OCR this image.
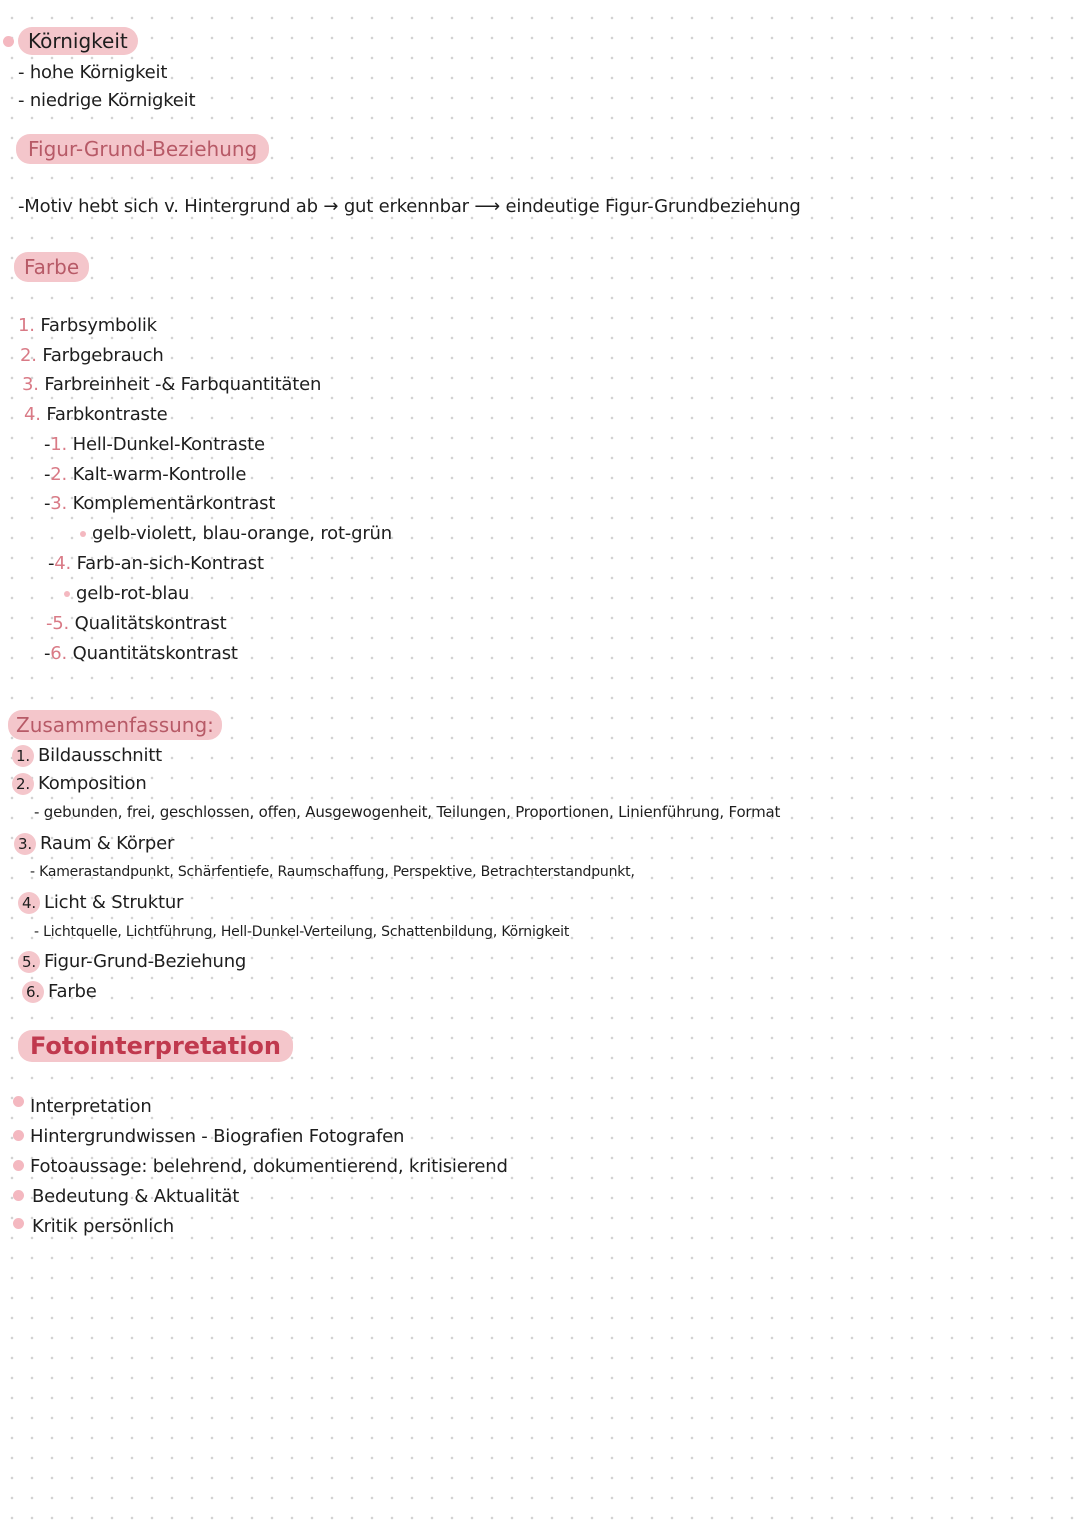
Körnigkeit
- hohe Körnigkeit
- niedrige Körnigkeit
Figur-Grund-Beziehung
-Motiv hebt sich v. Hintergrund ab → gut erkennbar ⟶ eindeutige Figur-Grundbeziehung
Farbe
1. Farbsymbolik
2. Farbgebrauch
3. Farbreinheit -& Farbquantitäten
4. Farbkontraste
-1. Hell-Dunkel-Kontraste
-2. Kalt-warm-Kontrolle
-3. Komplementärkontrast
gelb-violett, blau-orange, rot-grün
-4. Farb-an-sich-Kontrast
gelb-rot-blau
-5. Qualitätskontrast
-6. Quantitätskontrast
Zusammenfassung:
1. Bildausschnitt
2. Komposition
- gebunden, frei, geschlossen, offen, Ausgewogenheit, Teilungen, Proportionen, Linienführung, Format
3. Raum & Körper
- Kamerastandpunkt, Schärfentiefe, Raumschaffung, Perspektive, Betrachterstandpunkt,
4. Licht & Struktur
- Lichtquelle, Lichtführung, Hell-Dunkel-Verteilung, Schattenbildung, Körnigkeit
5. Figur-Grund-Beziehung
6. Farbe
Fotointerpretation
Interpretation
Hintergrundwissen - Biografien Fotografen
Fotoaussage: belehrend, dokumentierend, kritisierend
Bedeutung & Aktualität
Kritik persönlich
